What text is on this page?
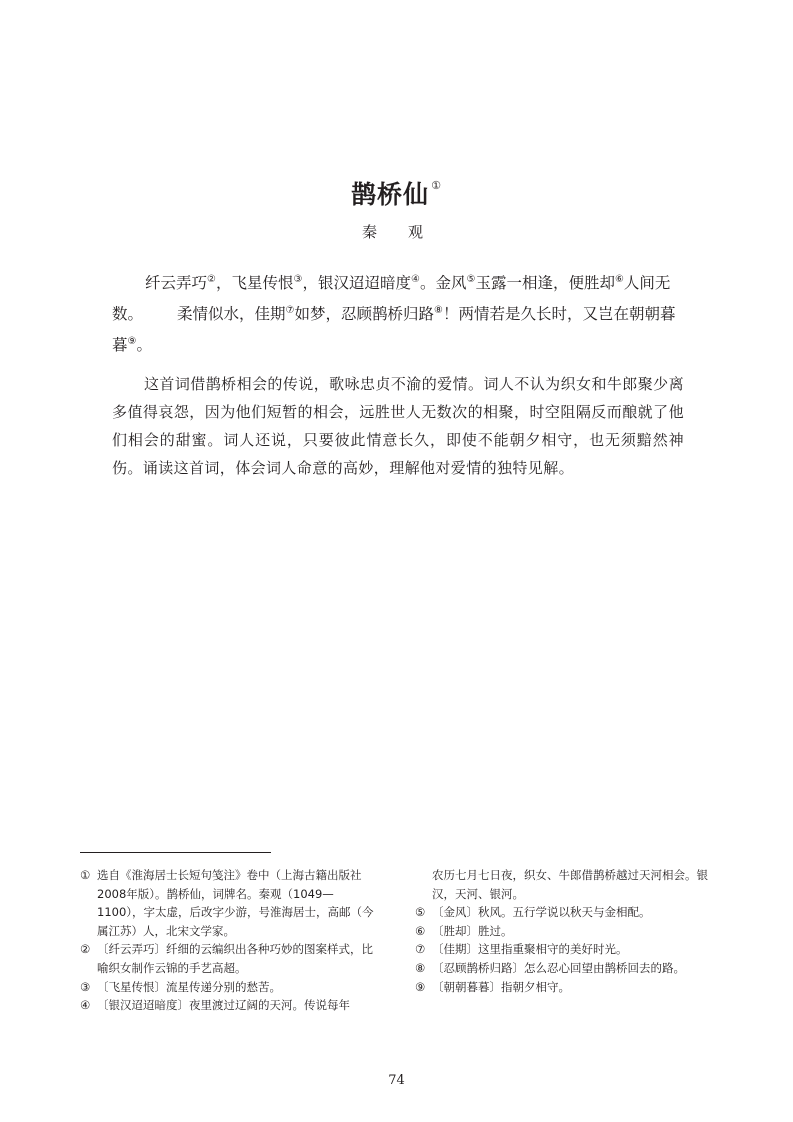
鹊桥仙 ①
秦　观

纤云弄巧②，飞星传恨③，银汉迢迢暗度④。金风⑤玉露一相逢，便胜却⑥人间无数。 柔情似水，佳期⑦如梦，忍顾鹊桥归路⑧！两情若是久长时，又岂在朝朝暮暮⑨。

这首词借鹊桥相会的传说，歌咏忠贞不渝的爱情。词人不认为织女和牛郎聚少离多值得哀怨，因为他们短暂的相会，远胜世人无数次的相聚，时空阻隔反而酿就了他们相会的甜蜜。词人还说，只要彼此情意长久，即使不能朝夕相守，也无须黯然神伤。诵读这首词，体会词人命意的高妙，理解他对爱情的独特见解。

① 选自《淮海居士长短句笺注》卷中（上海古籍出版社2008年版）。鹊桥仙，词牌名。秦观（1049—1100），字太虚，后改字少游，号淮海居士，高邮（今属江苏）人，北宋文学家。

② 〔纤云弄巧〕纤细的云编织出各种巧妙的图案样式，比喻织女制作云锦的手艺高超。

③ 〔飞星传恨〕流星传递分别的愁苦。

④ 〔银汉迢迢暗度〕夜里渡过辽阔的天河。传说每年

农历七月七日夜，织女、牛郎借鹊桥越过天河相会。银汉，天河、银河。

⑤ 〔金风〕秋风。五行学说以秋天与金相配。

⑥ 〔胜却〕胜过。

⑦ 〔佳期〕这里指重聚相守的美好时光。

⑧ 〔忍顾鹊桥归路〕怎么忍心回望由鹊桥回去的路。

⑨ 〔朝朝暮暮〕指朝夕相守。

74
